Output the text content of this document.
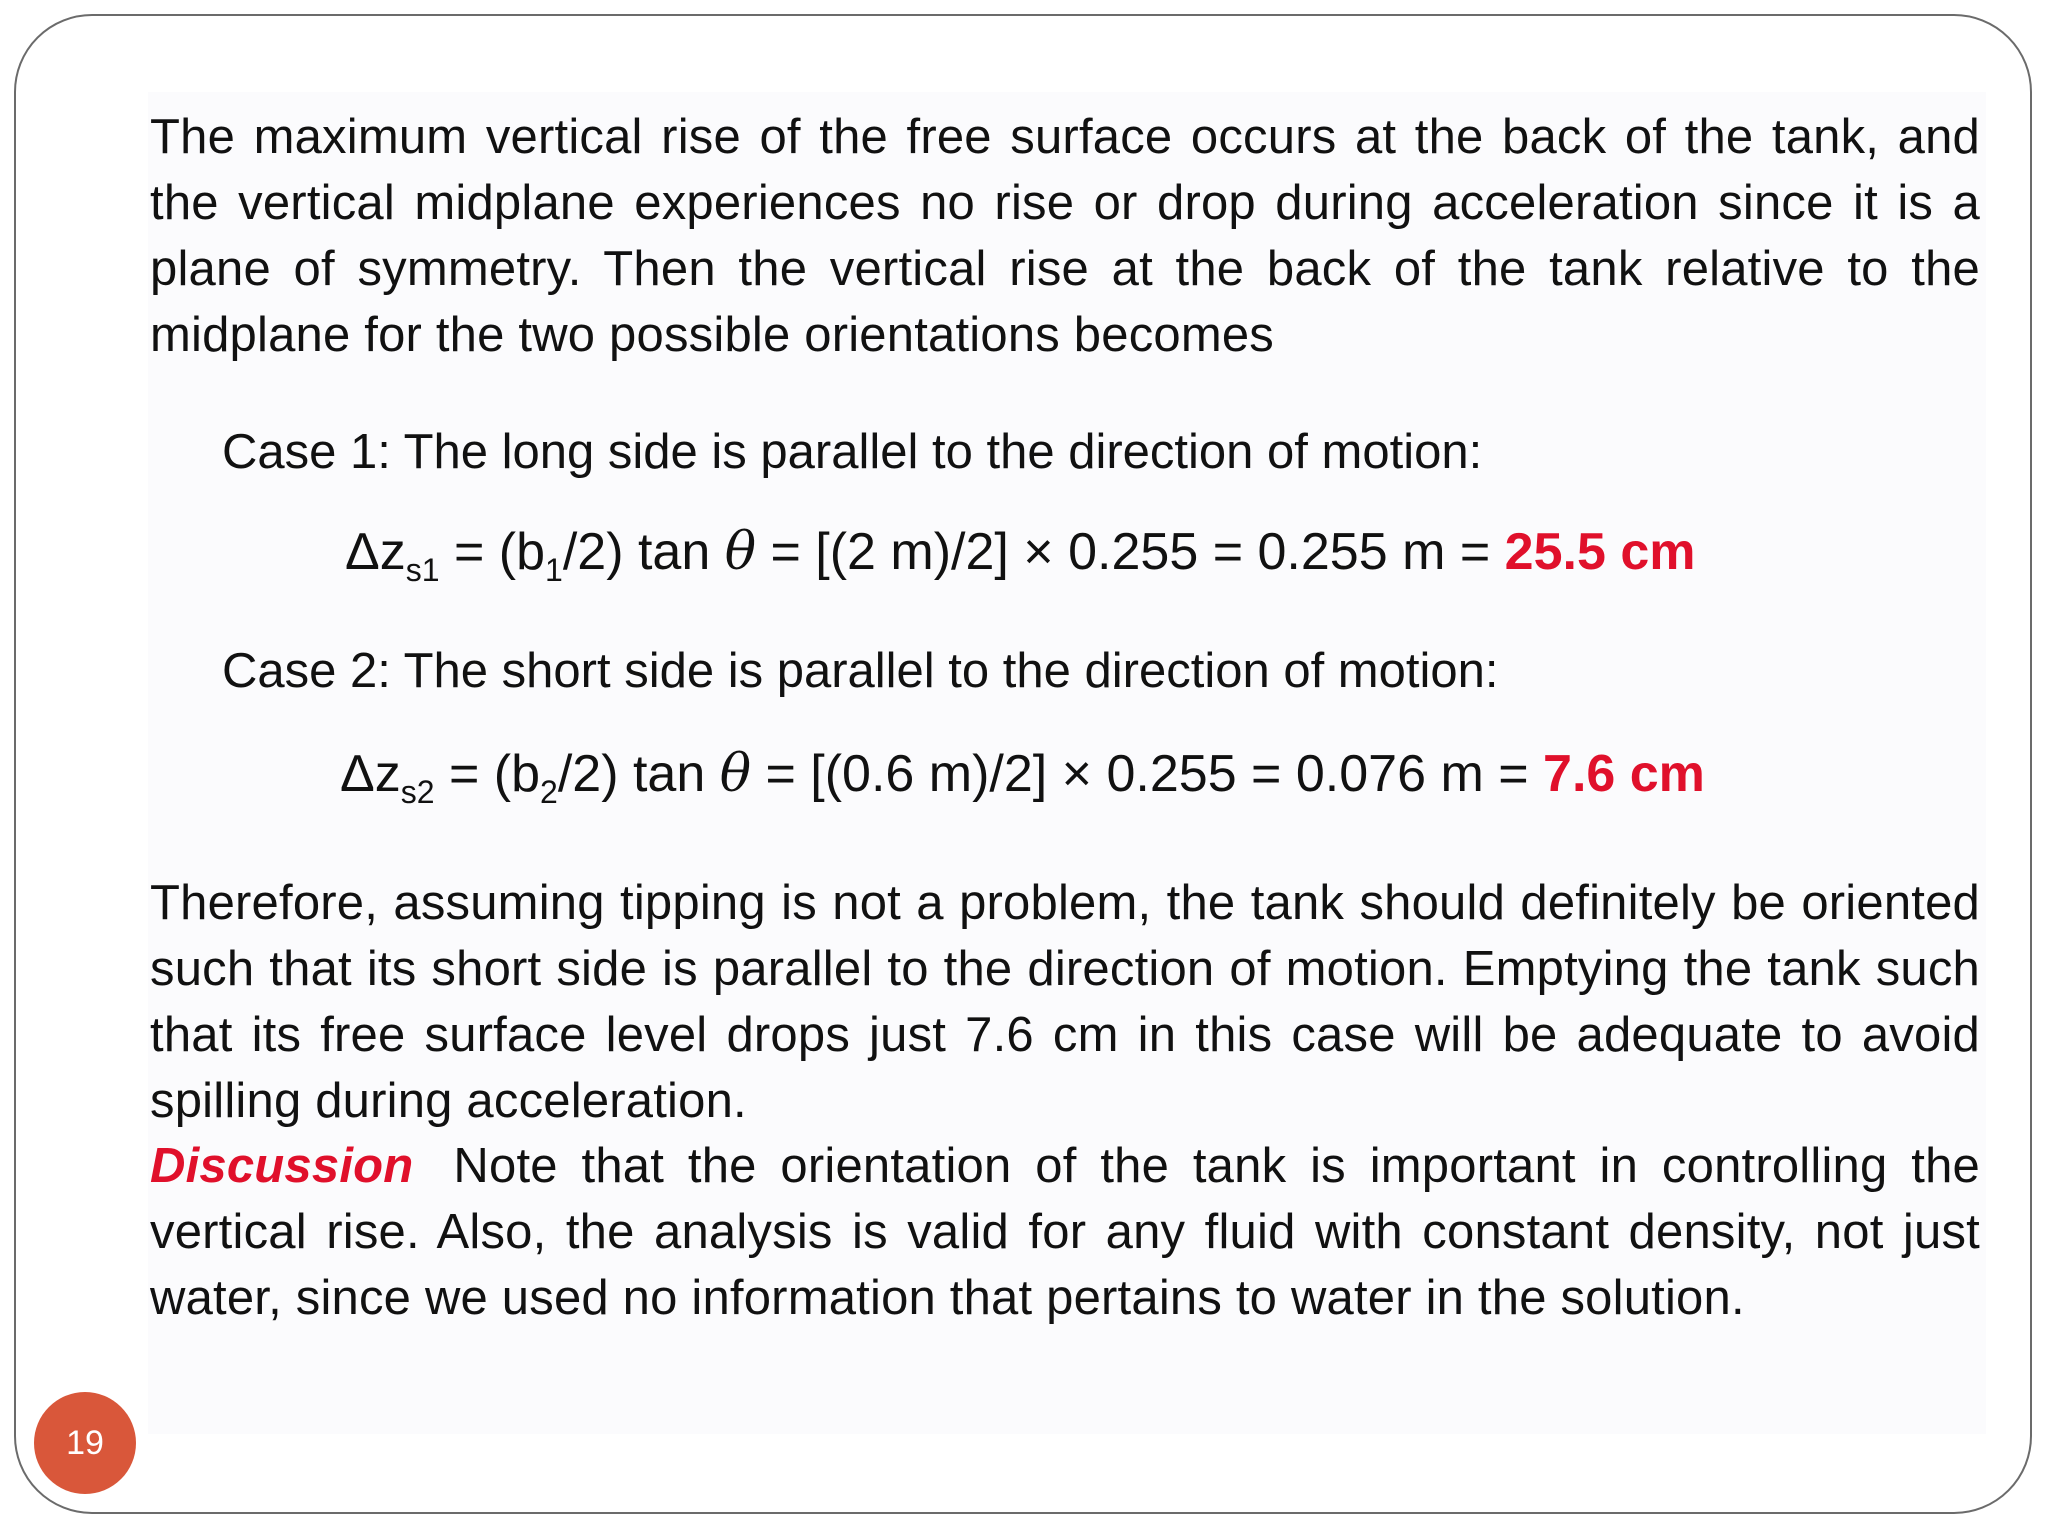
The maximum vertical rise of the free surface occurs at the back of the tank, and the vertical midplane experiences no rise or drop during acceleration since it is a plane of symmetry. Then the vertical rise at the back of the tank relative to the midplane for the two possible orientations becomes
Case 1: The long side is parallel to the direction of motion:
$\Delta z_{s1} = (b_1/2)$ tan θ = [(2 m)/2] × 0.255 = 0.255 m = 25.5 cm
Case 2: The short side is parallel to the direction of motion:
$\Delta z_{s2} = (b_2/2)$ tan θ = [(0.6 m)/2] × 0.255 = 0.076 m = 7.6 cm
Therefore, assuming tipping is not a problem, the tank should definitely be oriented such that its short side is parallel to the direction of motion. Emptying the tank such that its free surface level drops just 7.6 cm in this case will be adequate to avoid spilling during acceleration.
Discussion Note that the orientation of the tank is important in controlling the vertical rise. Also, the analysis is valid for any fluid with constant density, not just water, since we used no information that pertains to water in the solution.
19
